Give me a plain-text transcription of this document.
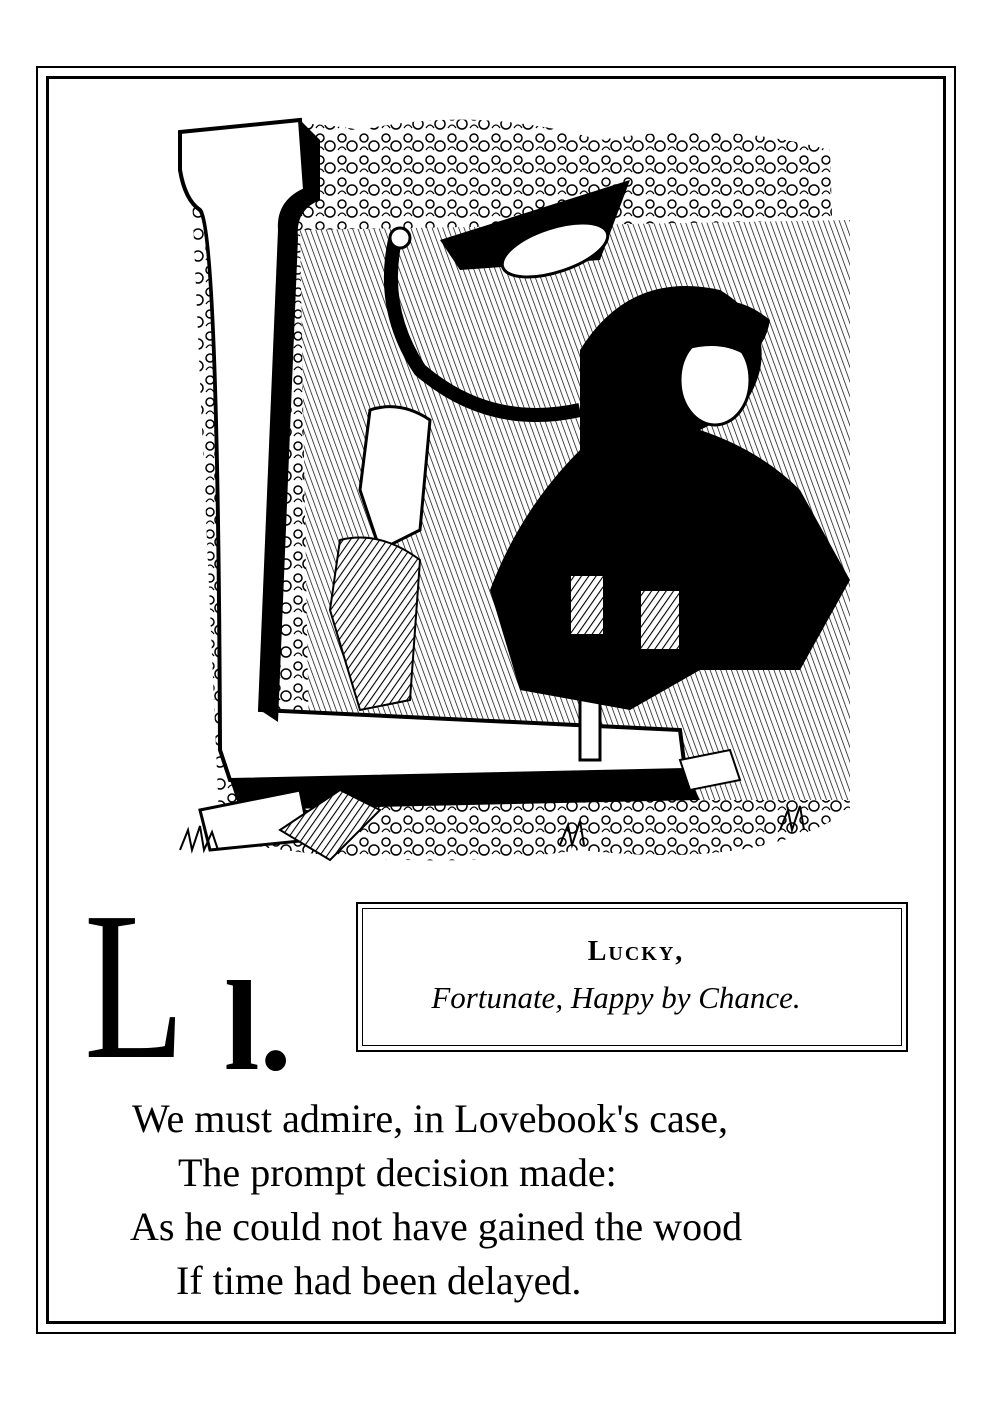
L l.
Lucky,
Fortunate, Happy by Chance.
We must admire, in Lovebook's case,
The prompt decision made:
As he could not have gained the wood
If time had been delayed.
